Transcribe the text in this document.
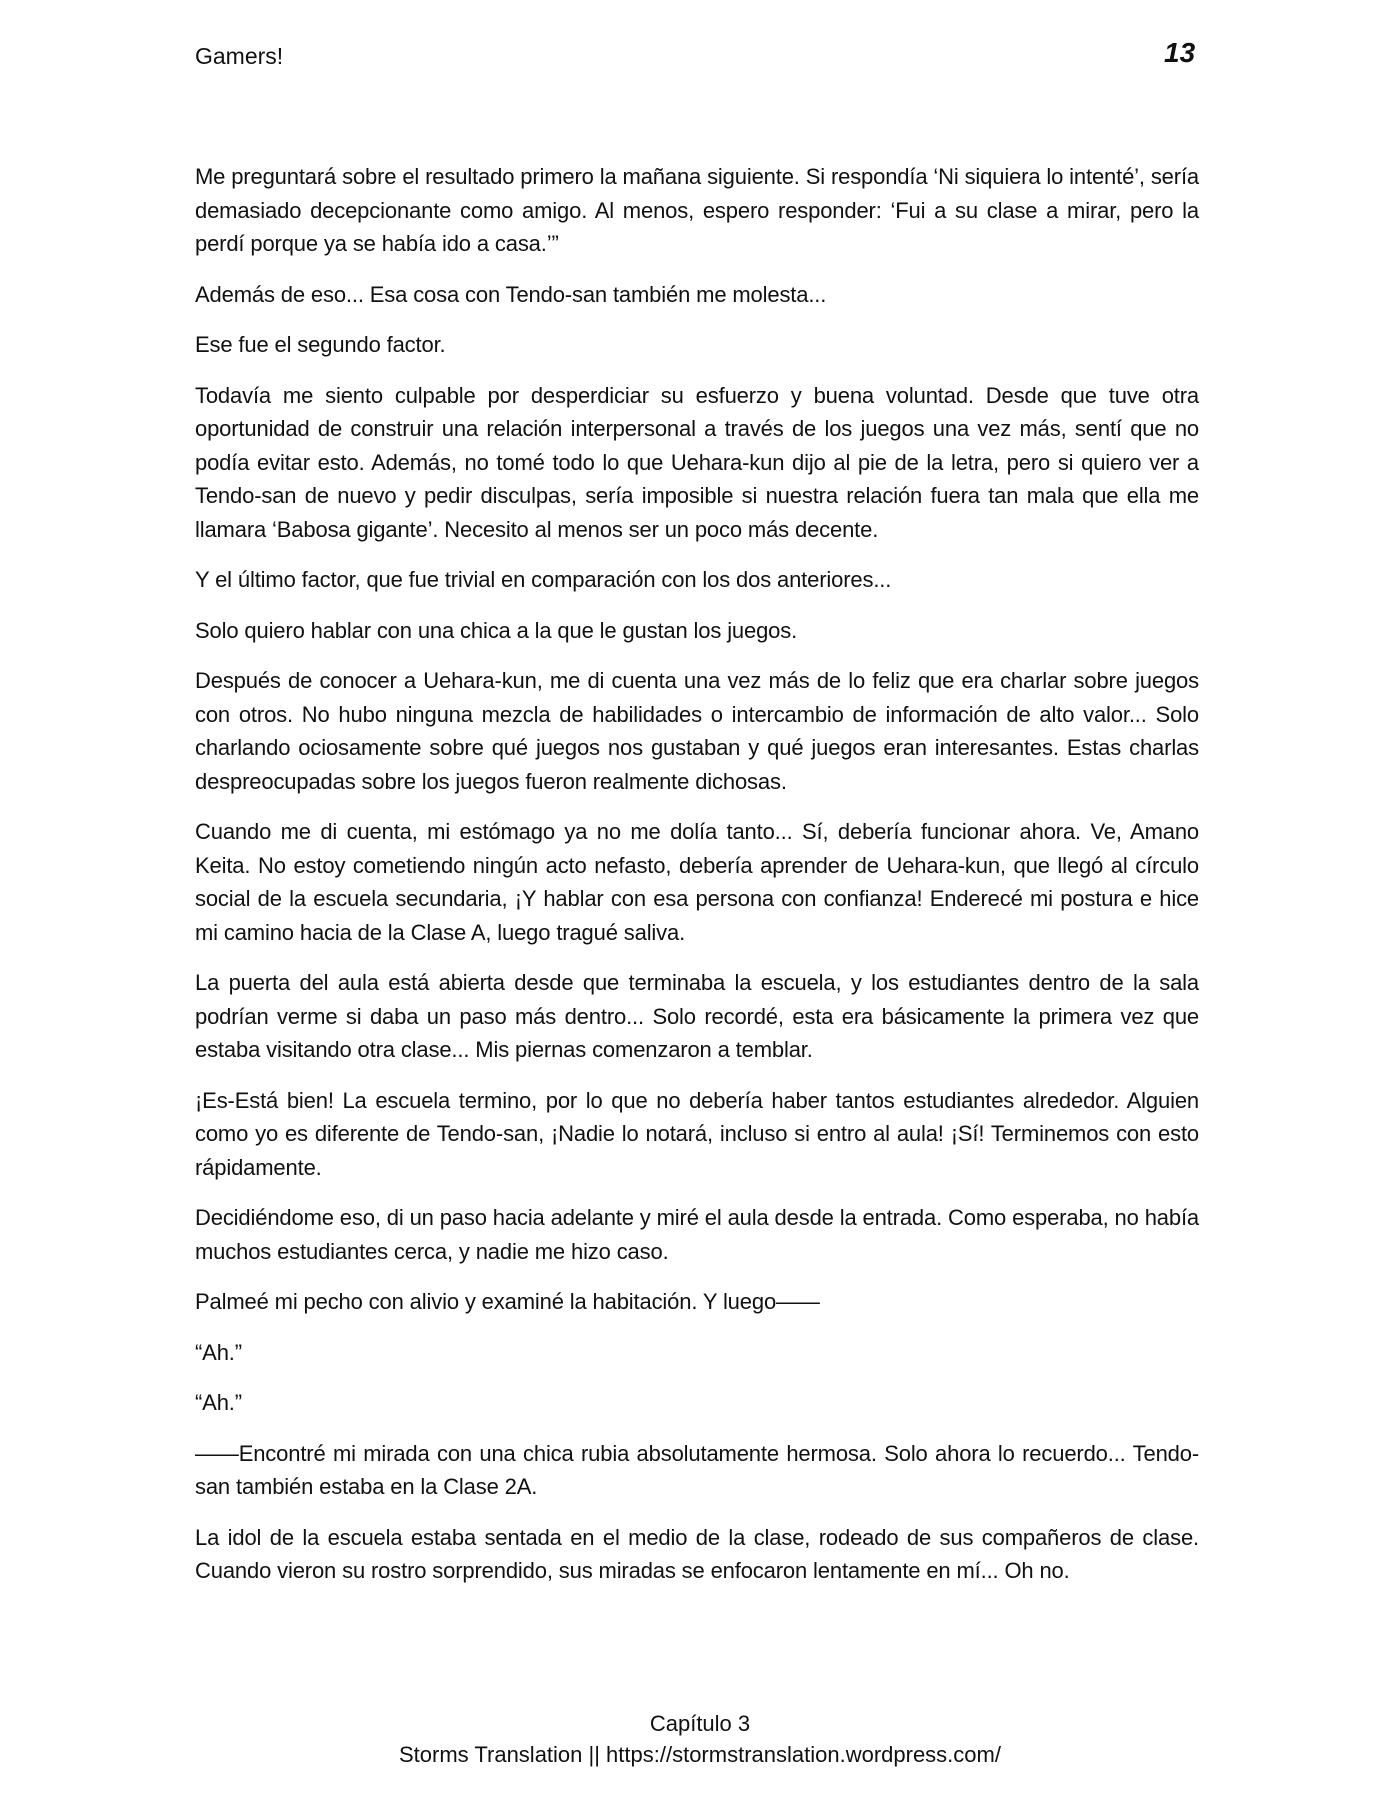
Gamers!	13

Me preguntará sobre el resultado primero la mañana siguiente. Si respondía ‘Ni siquiera lo intenté’, sería demasiado decepcionante como amigo. Al menos, espero responder: ‘Fui a su clase a mirar, pero la perdí porque ya se había ido a casa.’”

Además de eso... Esa cosa con Tendo-san también me molesta...

Ese fue el segundo factor.

Todavía me siento culpable por desperdiciar su esfuerzo y buena voluntad. Desde que tuve otra oportunidad de construir una relación interpersonal a través de los juegos una vez más, sentí que no podía evitar esto. Además, no tomé todo lo que Uehara-kun dijo al pie de la letra, pero si quiero ver a Tendo-san de nuevo y pedir disculpas, sería imposible si nuestra relación fuera tan mala que ella me llamara ‘Babosa gigante’. Necesito al menos ser un poco más decente.

Y el último factor, que fue trivial en comparación con los dos anteriores...

Solo quiero hablar con una chica a la que le gustan los juegos.

Después de conocer a Uehara-kun, me di cuenta una vez más de lo feliz que era charlar sobre juegos con otros. No hubo ninguna mezcla de habilidades o intercambio de información de alto valor... Solo charlando ociosamente sobre qué juegos nos gustaban y qué juegos eran interesantes. Estas charlas despreocupadas sobre los juegos fueron realmente dichosas.

Cuando me di cuenta, mi estómago ya no me dolía tanto... Sí, debería funcionar ahora. Ve, Amano Keita. No estoy cometiendo ningún acto nefasto, debería aprender de Uehara-kun, que llegó al círculo social de la escuela secundaria, ¡Y hablar con esa persona con confianza! Enderecé mi postura e hice mi camino hacia de la Clase A, luego tragué saliva.

La puerta del aula está abierta desde que terminaba la escuela, y los estudiantes dentro de la sala podrían verme si daba un paso más dentro... Solo recordé, esta era básicamente la primera vez que estaba visitando otra clase... Mis piernas comenzaron a temblar.

¡Es-Está bien! La escuela termino, por lo que no debería haber tantos estudiantes alrededor. Alguien como yo es diferente de Tendo-san, ¡Nadie lo notará, incluso si entro al aula! ¡Sí! Terminemos con esto rápidamente.

Decidiéndome eso, di un paso hacia adelante y miré el aula desde la entrada. Como esperaba, no había muchos estudiantes cerca, y nadie me hizo caso.

Palmeé mi pecho con alivio y examiné la habitación. Y luego——

“Ah.”

“Ah.”

——Encontré mi mirada con una chica rubia absolutamente hermosa. Solo ahora lo recuerdo... Tendo-san también estaba en la Clase 2A.

La idol de la escuela estaba sentada en el medio de la clase, rodeado de sus compañeros de clase. Cuando vieron su rostro sorprendido, sus miradas se enfocaron lentamente en mí... Oh no.

Capítulo 3
Storms Translation || https://stormstranslation.wordpress.com/
